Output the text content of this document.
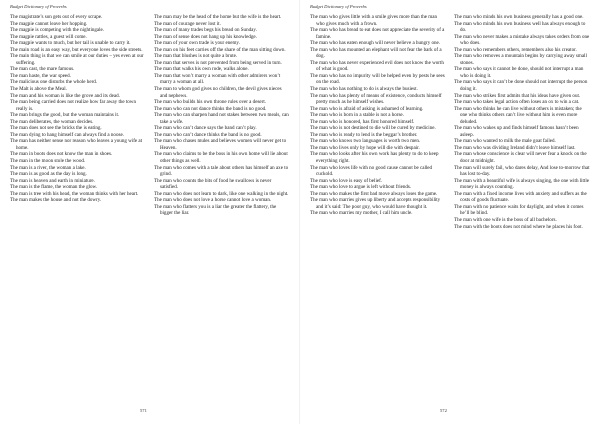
Budget Dictionary of Proverbs

The magistrate’s son gets out of every scrape.

The magpie cannot leave her hopping.

The magpie is competing with the nightingale.

The magpie rattles, a guest will come.

The magpie wants to much, but her tail is unable to carry it.

The main road is an easy way, but everyone loves the side streets.

The main thing is that we can smile at our duties – yes even at our suffering.

The man cast, the mare famous.

The man haste, the war speed.

The malicious one disturbs the whole herd.

The Malt is above the Meal.

The man and his woman is like the grove and its dead.

The man being carried does not realize how far away the town really is.

The man brings the good, but the woman maintains it.

The man deliberates, the woman decides.

The man does not see the bricks the is eating.

The man dying to hang himself can always find a noose.

The man has neither sense nor reason who leaves a young wife at home.

The man in boots does not know the man in shoes.

The man in the moon stole the wood.

The man is a river, the woman a lake.

The man is as good as the day is long.

The man is heaven and earth in miniature.

The man is the flame, the woman the glow.

The man is tree with his head, the woman thinks with her heart.

The man makes the house and not the dowry.

The man may be the head of the home but the wife is the heart.

The man of courage never lost it.

The man of many trades begs his bread on Sunday.

The man of sense does not hang up his knowledge.

The man of your own trade is your enemy.

The man on his feet carries off the share of the man sitting down.

The man that blushes is not quite a brute.

The man that serves is not prevented from being served in turn.

The man that walks his own rode, walks alone.

The man that won’t marry a woman with other admirers won’t marry a woman at all.

The man to whom god gives no children, the devil gives nieces and nephews.

The man who builds his own throne rules over a desert.

The man who can not dance thinks the band is no good.

The man who can sharpen hand not stakes between two meals, can take a wife.

The man who can’t dance says the band can’t play.

The man who can’t dance thinks the band is no good.

The man who chases mules and believes women will never get to Heaven.

The man who claims to be the boss in his own home will lie about other things as well.

The man who comes with a tale about others has himself an axe to grind.

The man who counts the bits of food he swallows is never satisfied.

The man who does not learn to dark, like one walking in the night.

The man who does not love a horse cannot love a woman.

The man who flatters you is a liar the greater the flattery, the bigger the liar.

571
Budget Dictionary of Proverbs

The man who gives little with a smile gives more than the man who gives much with a frown.

The man who has bread to eat does not appreciate the severity of a famine.

The man who has eaten enough will never believe a hungry one.

The man who has mounted an elephant will not fear the bark of a dog.

The man who has never experienced evil does not know the worth of what is good.

The man who has no impurity will be helped even by pests he sees on the road.

The man who has nothing to do is always the busiest.

The man who has plenty of means of existence, conducts himself pretty much as he himself wishes.

The man who is afraid of asking is ashamed of learning.

The man who is born in a stable is not a horse.

The man who is honored, has first honored himself.

The man who is not destined to die will be cured by medicine.

The man who is ready to lend is the beggar’s brother.

The man who knows two languages is worth two men.

The man who lives only by hope will die with despair.

The man who looks after his own work has plenty to do to keep everything right.

The man who loves life with no good cause cannot be called cuckold.

The man who love is easy of belief.

The man who love to argue is left without friends.

The man who makes the first bad move always loses the game.

The man who marries gives up liberty and accepts responsibility and it’s said: The poor guy, who would have thought it.

The man who marries my mother, I call him uncle.

The man who minds his own business generally has a good one.

The man who minds his own business well has always enough to do.

The man who never makes a mistake always takes orders from one who does.

The man who remembers others, remembers also his creator.

The man who removes a mountain begins by carrying away small stones.

The man who says it cannot be done, should not interrupt a man who is doing it.

The man who says it can’t be done should not interrupt the person doing it.

The man who strikes first admits that his ideas have given out.

The man who takes legal action often loses an ox to win a cat.

The man who thinks he can live without others is mistaken; the one who thinks others can’t live without him is even more deluded.

The man who wakes up and finds himself famous hasn’t been asleep.

The man who wanted to milk the male goat failed.

The man who was dividing Ireland didn’t leave himself last.

The man whose conscience is clear will never fear a knock on the door at midnight.

The man will surely fail, who dares delay, And lose to-morrow that has lost to-day.

The man with a beautiful wife is always singing, the one with little money is always counting.

The man with a fixed income lives with anxiety and suffers as the costs of goods fluctuate.

The man with no patience waits for daylight, and when it comes he’ll be blind.

The man with one wife is the boss of all bachelors.

The man with the boots does not mind where he places his foot.

572
